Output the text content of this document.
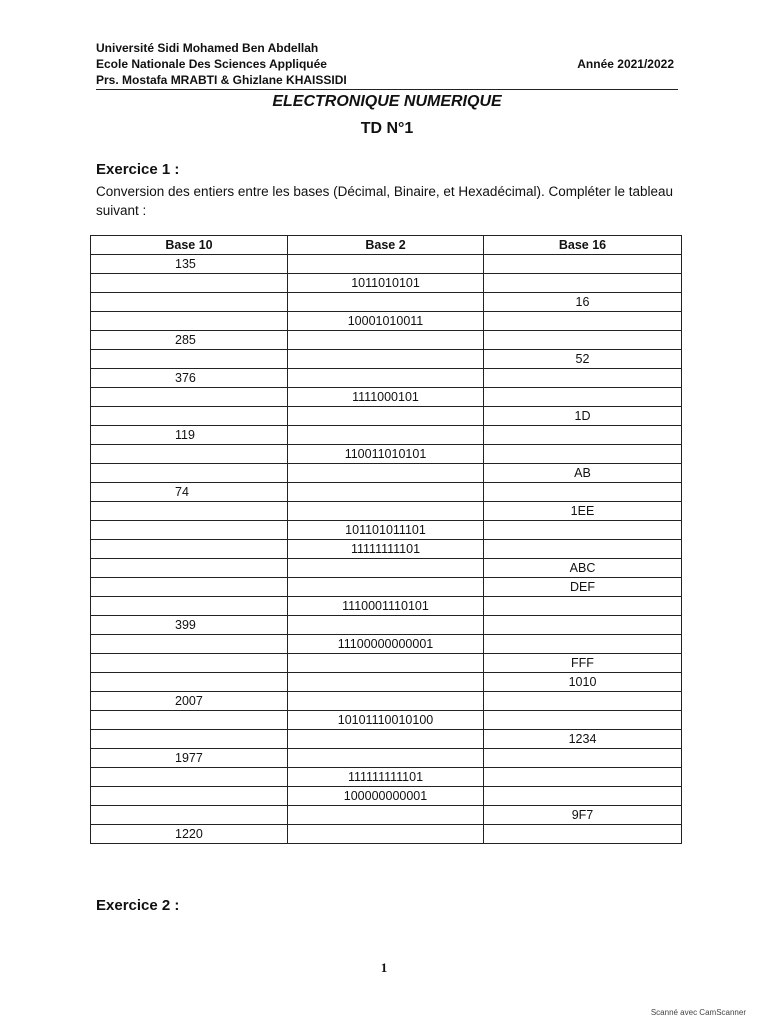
Université Sidi Mohamed Ben Abdellah
Ecole Nationale Des Sciences Appliquée
Prs. Mostafa MRABTI & Ghizlane KHAISSIDI
Année 2021/2022
ELECTRONIQUE NUMERIQUE
TD N°1
Exercice 1 :
Conversion des entiers entre les bases (Décimal, Binaire, et Hexadécimal). Compléter le tableau suivant :
Base 10	Base 2	Base 16
135		
	1011010101	
		16
	10001010011	
285		
		52
376		
	1111000101	
		1D
119		
	110011010101	
		AB
74		
		1EE
	101101011101	
	11111111101	
		ABC
		DEF
	1110001110101	
399		
	11100000000001	
		FFF
		1010
2007		
	10101110010100	
		1234
1977		
	111111111101	
	100000000001	
		9F7
1220		
Exercice 2 :
1
Scanné avec CamScanner
